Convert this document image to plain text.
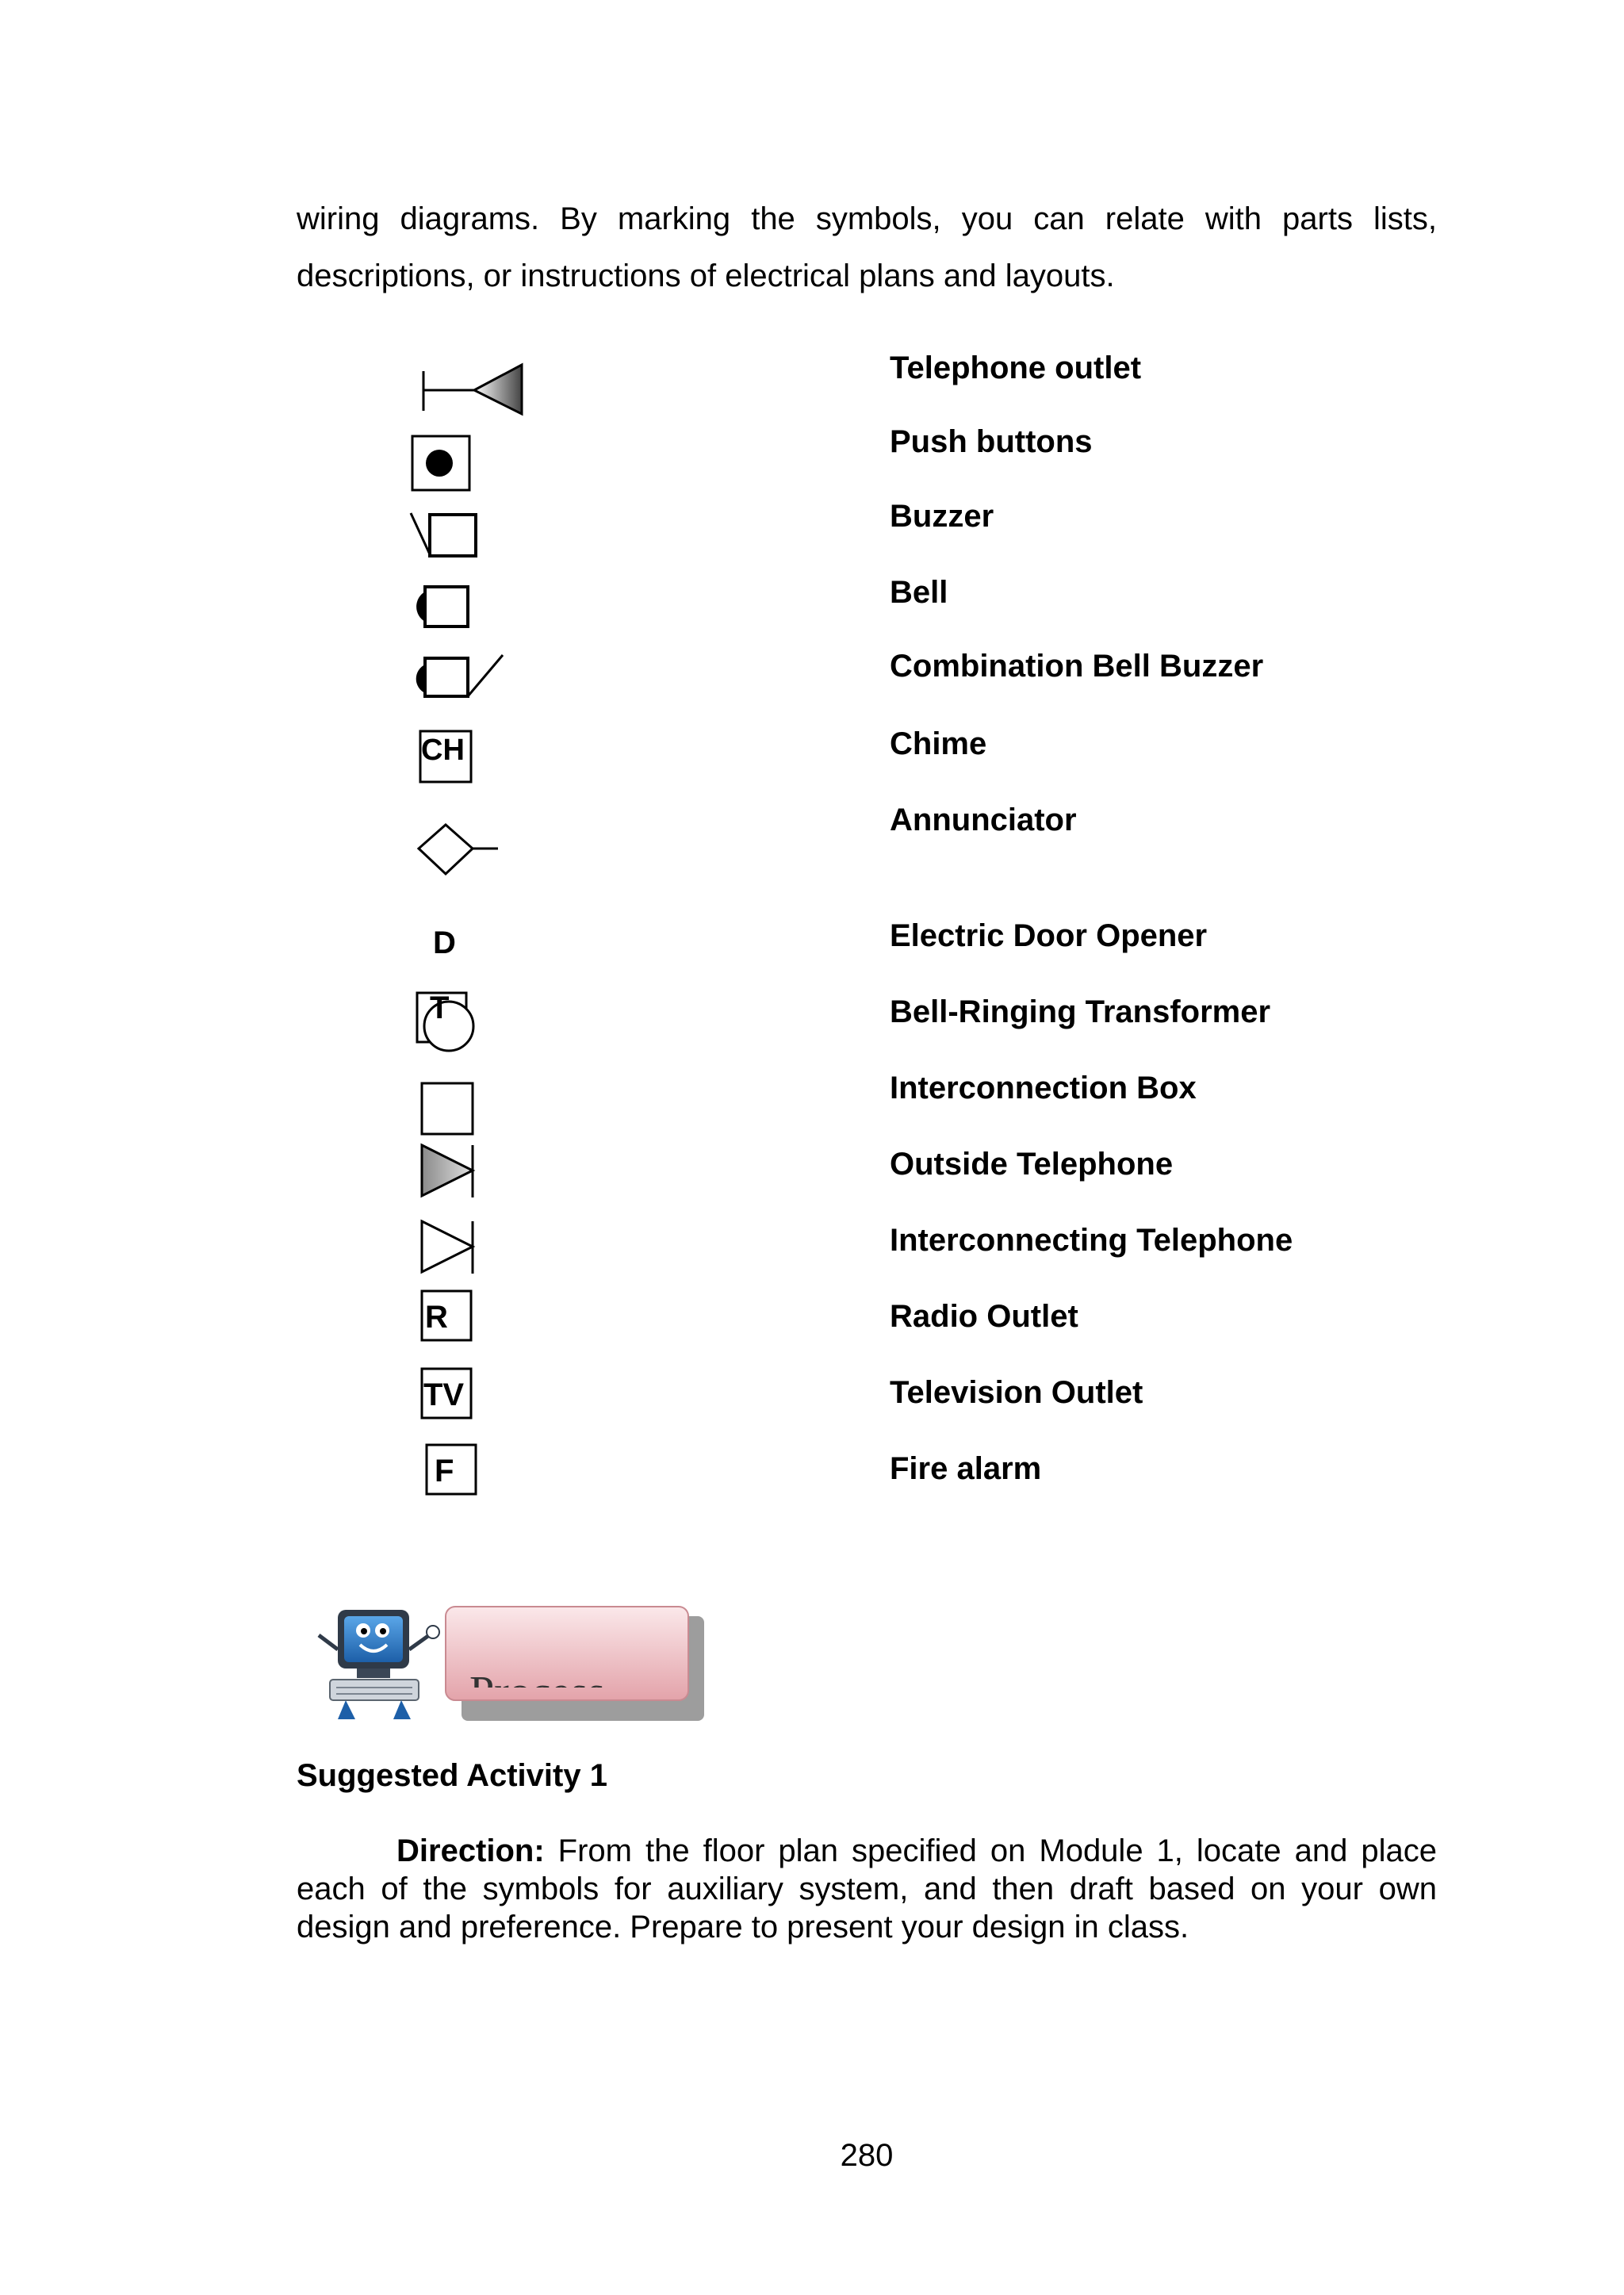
wiring diagrams. By marking the symbols, you can relate with parts lists,
descriptions, or instructions of electrical plans and layouts.
Telephone outlet
Push buttons
Buzzer
Bell
Combination Bell Buzzer
CH	Chime
Annunciator
D	Electric Door Opener
T	Bell-Ringing Transformer
Interconnection Box
Outside Telephone
Interconnecting Telephone
R	Radio Outlet
TV	Television Outlet
F	Fire alarm
Suggested Activity 1
Direction: From the floor plan specified on Module 1, locate and place
each of the symbols for auxiliary system, and then draft based on your own
design and preference. Prepare to present your design in class.
280
